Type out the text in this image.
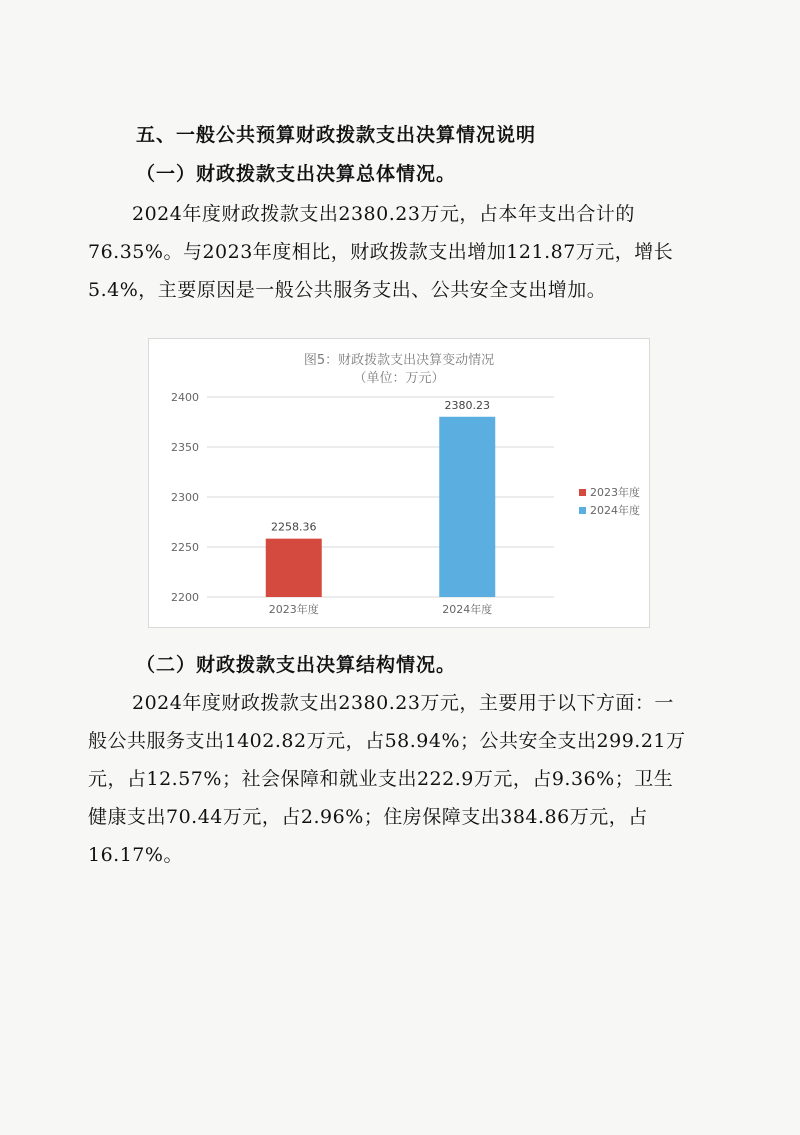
五、一般公共预算财政拨款支出决算情况说明
（一）财政拨款支出决算总体情况。
2024年度财政拨款支出2380.23万元，占本年支出合计的
76.35%。与2023年度相比，财政拨款支出增加121.87万元，增长
5.4%，主要原因是一般公共服务支出、公共安全支出增加。
图5：财政拨款支出决算变动情况
（单位：万元）
2200
2250
2300
2350
2400
2258.36
2023年度
2380.23
2024年度
2023年度
2024年度
（二）财政拨款支出决算结构情况。
2024年度财政拨款支出2380.23万元，主要用于以下方面：一
般公共服务支出1402.82万元，占58.94%；公共安全支出299.21万
元，占12.57%；社会保障和就业支出222.9万元，占9.36%；卫生
健康支出70.44万元，占2.96%；住房保障支出384.86万元，占
16.17%。
